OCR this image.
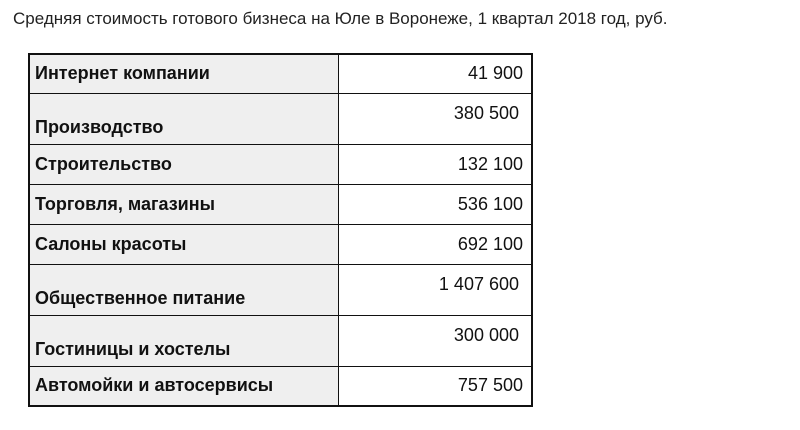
Средняя стоимость готового бизнеса на Юле в Воронеже, 1 квартал 2018 год, руб.
Интернет компании	41 900
Производство	380 500
Строительство	132 100
Торговля, магазины	536 100
Салоны красоты	692 100
Общественное питание	1 407 600
Гостиницы и хостелы	300 000
Автомойки и автосервисы	757 500
